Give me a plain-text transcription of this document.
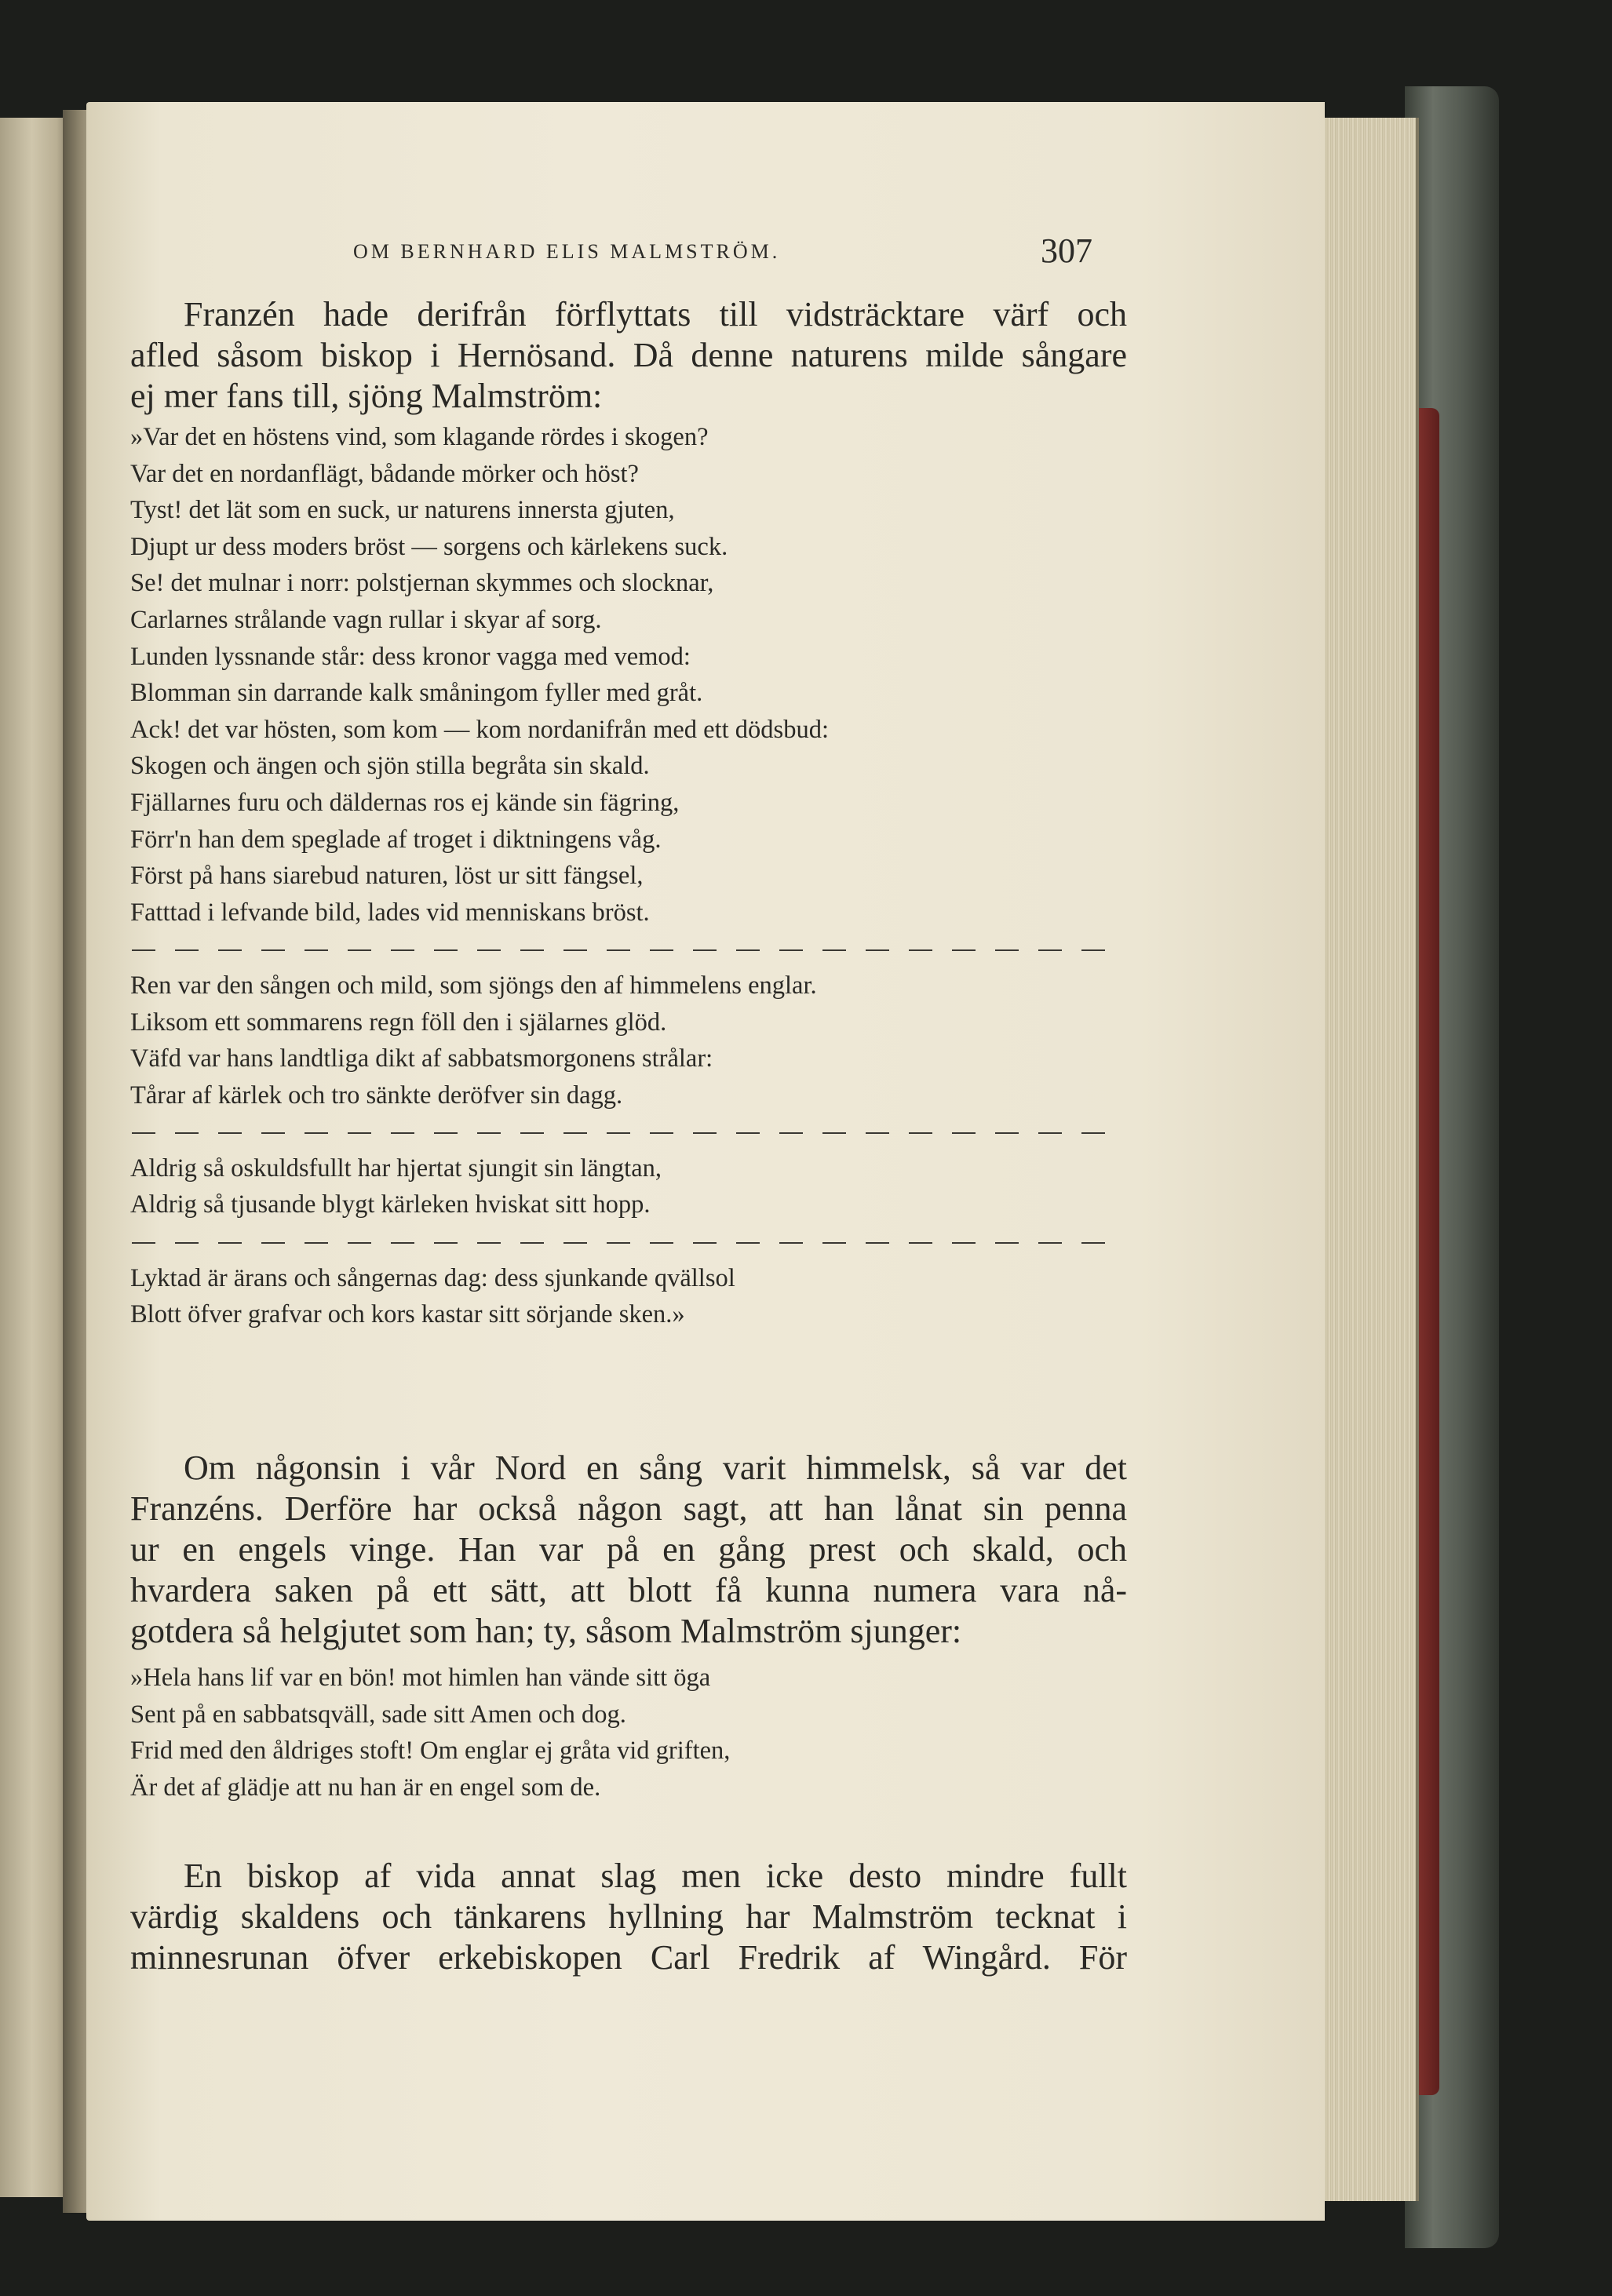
OM BERNHARD ELIS MALMSTRÖM.	307
Franzén hade derifrån förflyttats till vidsträcktare värf och
afled såsom biskop i Hernösand. Då denne naturens milde sångare
ej mer fans till, sjöng Malmström:
»Var det en höstens vind, som klagande rördes i skogen?
Var det en nordanflägt, bådande mörker och höst?
Tyst! det lät som en suck, ur naturens innersta gjuten,
Djupt ur dess moders bröst — sorgens och kärlekens suck.
Se! det mulnar i norr: polstjernan skymmes och slocknar,
Carlarnes strålande vagn rullar i skyar af sorg.
Lunden lyssnande står: dess kronor vagga med vemod:
Blomman sin darrande kalk småningom fyller med gråt.
Ack! det var hösten, som kom — kom nordanifrån med ett dödsbud:
Skogen och ängen och sjön stilla begråta sin skald.
Fjällarnes furu och däldernas ros ej kände sin fägring,
Förr'n han dem speglade af troget i diktningens våg.
Först på hans siarebud naturen, löst ur sitt fängsel,
Fatttad i lefvande bild, lades vid menniskans bröst.
Ren var den sången och mild, som sjöngs den af himmelens englar.
Liksom ett sommarens regn föll den i själarnes glöd.
Väfd var hans landtliga dikt af sabbatsmorgonens strålar:
Tårar af kärlek och tro sänkte deröfver sin dagg.
Aldrig så oskuldsfullt har hjertat sjungit sin längtan,
Aldrig så tjusande blygt kärleken hviskat sitt hopp.
Lyktad är ärans och sångernas dag: dess sjunkande qvällsol
Blott öfver grafvar och kors kastar sitt sörjande sken.»
Om någonsin i vår Nord en sång varit himmelsk, så var det
Franzéns. Derföre har också någon sagt, att han lånat sin penna
ur en engels vinge. Han var på en gång prest och skald, och
hvardera saken på ett sätt, att blott få kunna numera vara nå-
gotdera så helgjutet som han; ty, såsom Malmström sjunger:
»Hela hans lif var en bön! mot himlen han vände sitt öga
Sent på en sabbatsqväll, sade sitt Amen och dog.
Frid med den åldriges stoft! Om englar ej gråta vid griften,
Är det af glädje att nu han är en engel som de.
En biskop af vida annat slag men icke desto mindre fullt
värdig skaldens och tänkarens hyllning har Malmström tecknat i
minnesrunan öfver erkebiskopen Carl Fredrik af Wingård. För
